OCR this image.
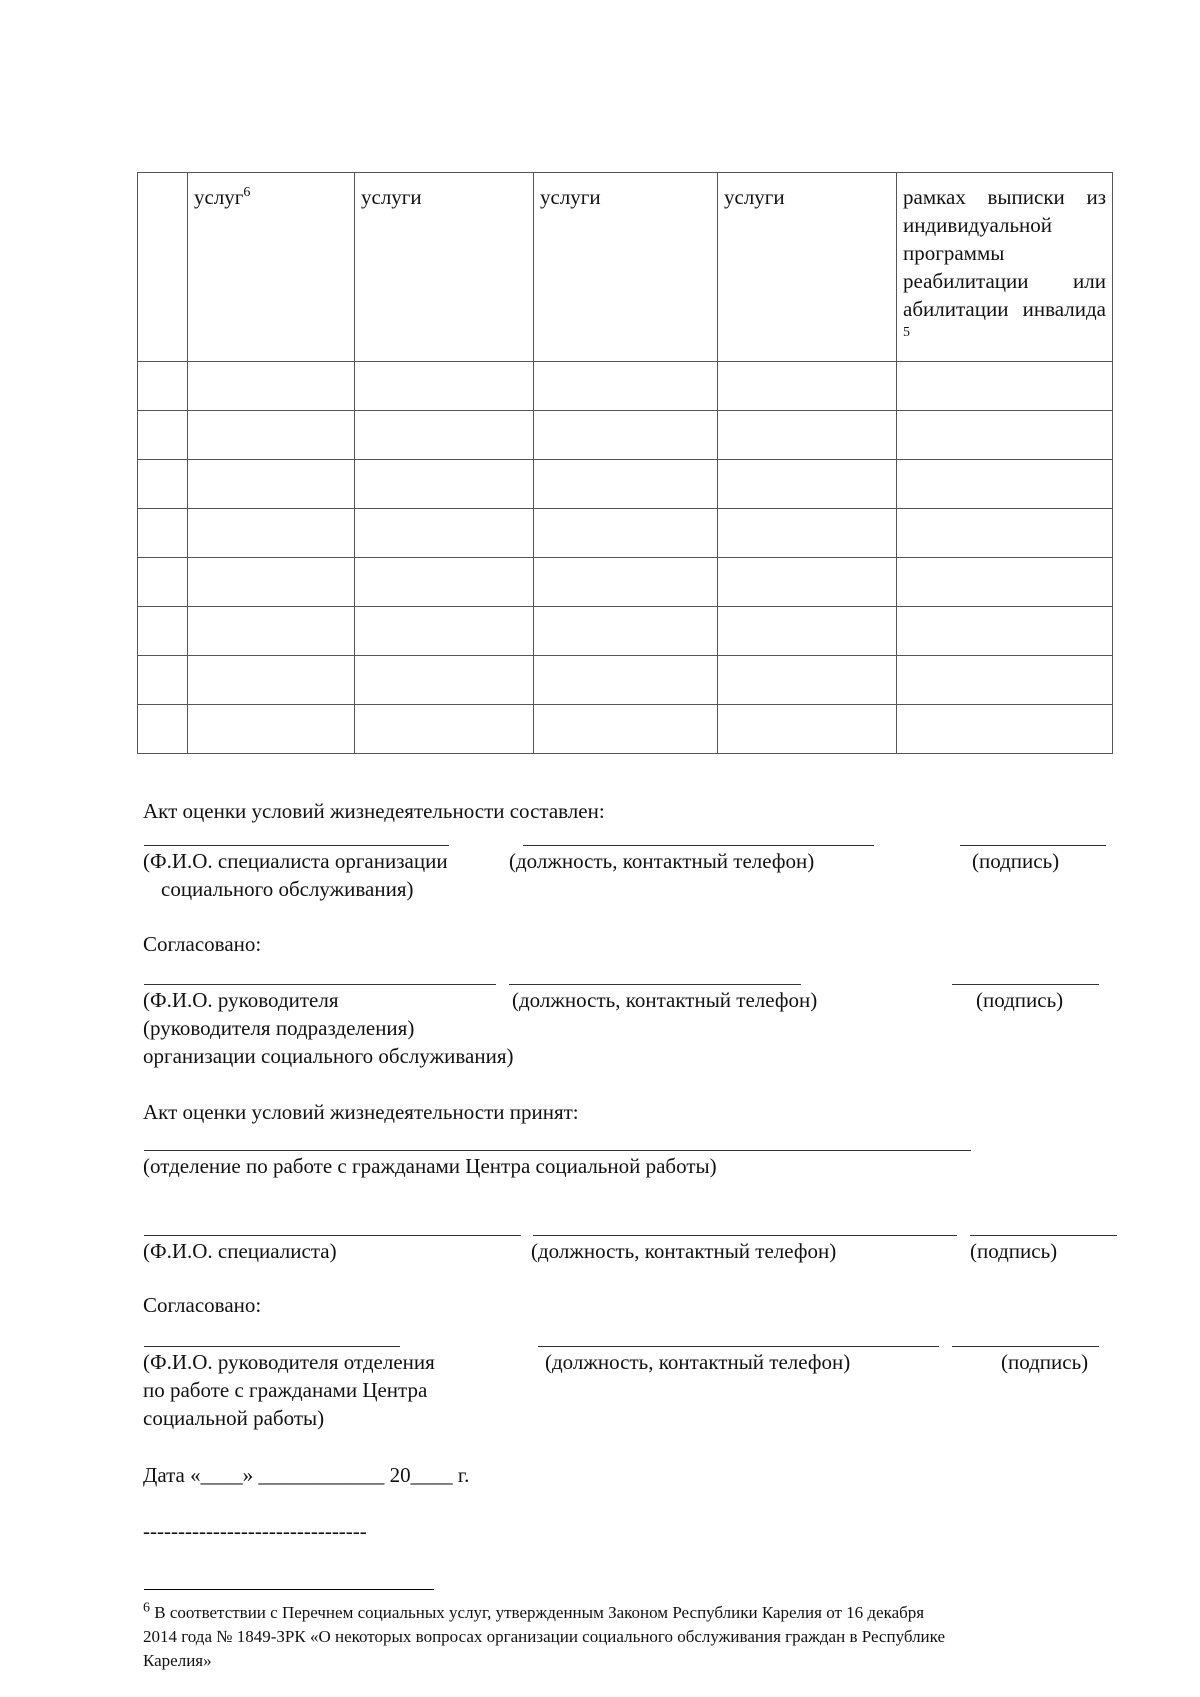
	услуг$^6$	услуги	услуги	услуги	рамках выписки из индивидуальной программы реабилитации или абилитации инвалида $^5$

Акт оценки условий жизнедеятельности составлен:
(Ф.И.О. специалиста организации
социального обслуживания)
(должность, контактный телефон)	(подпись)
Согласовано:
(Ф.И.О. руководителя
(руководителя подразделения)
организации социального обслуживания)
(должность, контактный телефон)	(подпись)
Акт оценки условий жизнедеятельности принят:
(отделение по работе с гражданами Центра социальной работы)
(Ф.И.О. специалиста)	(должность, контактный телефон)	(подпись)
Согласовано:
(Ф.И.О. руководителя отделения
по работе с гражданами Центра
социальной работы)
(должность, контактный телефон)	(подпись)
Дата «____» ____________ 20____ г.
--------------------------------
$^6$ В соответствии с Перечнем социальных услуг, утвержденным Законом Республики Карелия от 16 декабря
2014 года № 1849-ЗРК «О некоторых вопросах организации социального обслуживания граждан в Республике
Карелия»
